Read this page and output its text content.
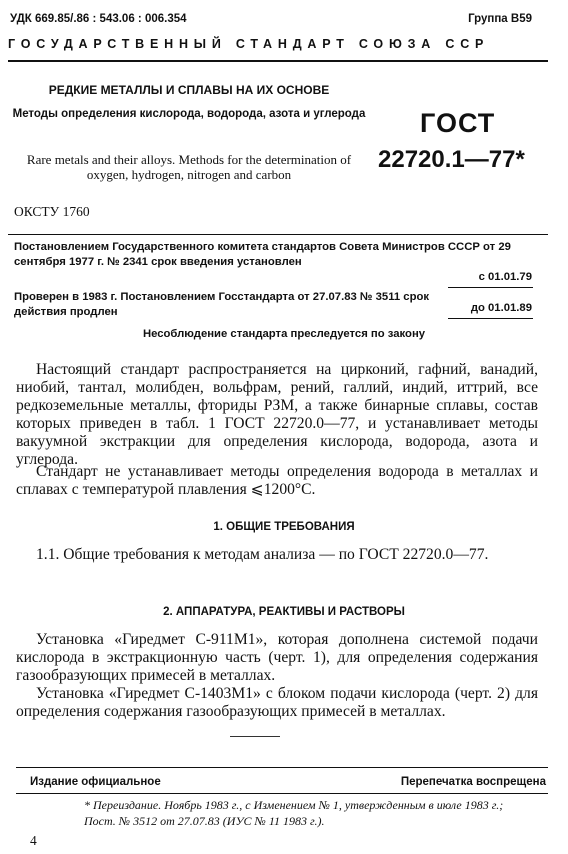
УДК 669.85/.86 : 543.06 : 006.354	Группа В59
ГОСУДАРСТВЕННЫЙ СТАНДАРТ СОЮЗА ССР
РЕДКИЕ МЕТАЛЛЫ И СПЛАВЫ НА ИХ ОСНОВЕ
Методы определения кислорода, водорода, азота и углерода
Rare metals and their alloys. Methods for the determination of oxygen, hydrogen, nitrogen and carbon
ОКСТУ 1760
ГОСТ
22720.1—77*
Постановлением Государственного комитета стандартов Совета Министров СССР от 29 сентября 1977 г. № 2341 срок введения установлен
с 01.01.79
Проверен в 1983 г. Постановлением Госстандарта от 27.07.83 № 3511 срок действия продлен	до 01.01.89
Несоблюдение стандарта преследуется по закону
Настоящий стандарт распространяется на цирконий, гафний, ванадий, ниобий, тантал, молибден, вольфрам, рений, галлий, индий, иттрий, все редкоземельные металлы, фториды РЗМ, а также бинарные сплавы, состав которых приведен в табл. 1 ГОСТ 22720.0—77, и устанавливает методы вакуумной экстракции для определения кислорода, водорода, азота и углерода.
Стандарт не устанавливает методы определения водорода в металлах и сплавах с температурой плавления ⩽1200°С.
1. ОБЩИЕ ТРЕБОВАНИЯ
1.1. Общие требования к методам анализа — по ГОСТ 22720.0—77.
2. АППАРАТУРА, РЕАКТИВЫ И РАСТВОРЫ
Установка «Гиредмет С-911М1», которая дополнена системой подачи кислорода в экстракционную часть (черт. 1), для определения содержания газообразующих примесей в металлах.
Установка «Гиредмет С-1403М1» с блоком подачи кислорода (черт. 2) для определения содержания газообразующих примесей в металлах.
Издание официальное	Перепечатка воспрещена
* Переиздание. Ноябрь 1983 г., с Изменением № 1, утвержденным в июле 1983 г.; Пост. № 3512 от 27.07.83 (ИУС № 11 1983 г.).
4
